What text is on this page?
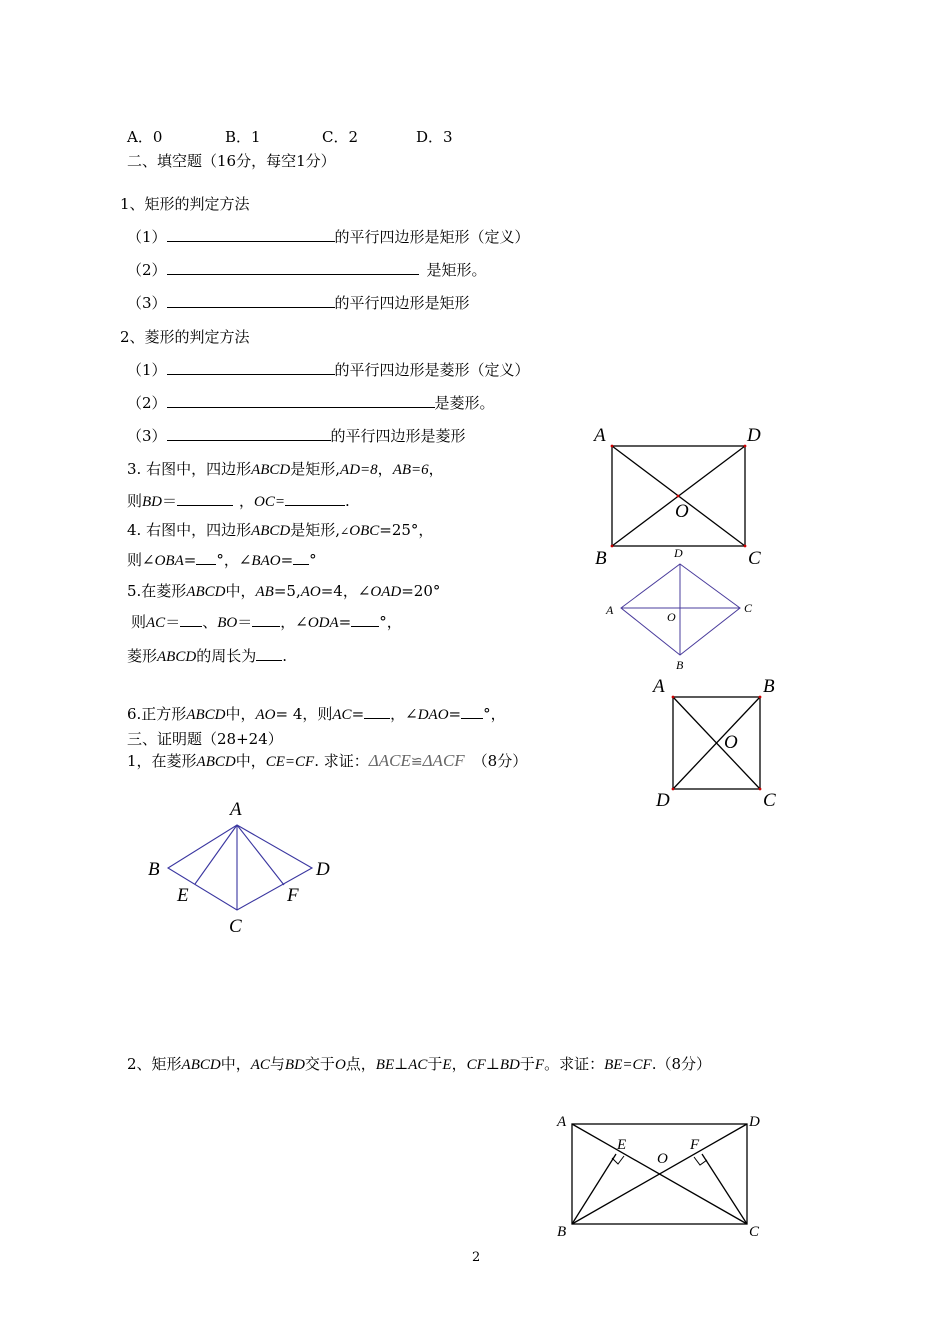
A．0	B．1	C．2	D．3
二、填空题（16分，每空1分）
1、矩形的判定方法
（1）	的平行四边形是矩形（定义）
（2）	是矩形。
（3）	的平行四边形是矩形
2、菱形的判定方法
（1）	的平行四边形是菱形（定义）
（2）	是菱形。
（3）	的平行四边形是菱形
3. 右图中，四边形ABCD是矩形,AD=8，AB=6，
则BD＝	，OC=	.
4. 右图中，四边形ABCD是矩形,∠OBC=25°，
则∠OBA= °，∠BAO= °
5.在菱形ABCD中，AB=5,AO=4，∠OAD=20°
则AC＝ 、BO＝ ，∠ODA= °，
菱形ABCD的周长为 .
6.正方形ABCD中，AO= 4，则AC= ，∠DAO= °，
三、证明题（28+24）
1，在菱形ABCD中，CE=CF. 求证：ΔACE≌ΔACF （8分）
2、矩形ABCD中，AC与BD交于O点，BE⊥AC于E，CF⊥BD于F。求证：BE=CF.（8分）
A	D
B	C
O
D
A	C
O
B
A	B
O
D	C
A
B	D
E	F
C
A	D
E	F
O
B	C
2
